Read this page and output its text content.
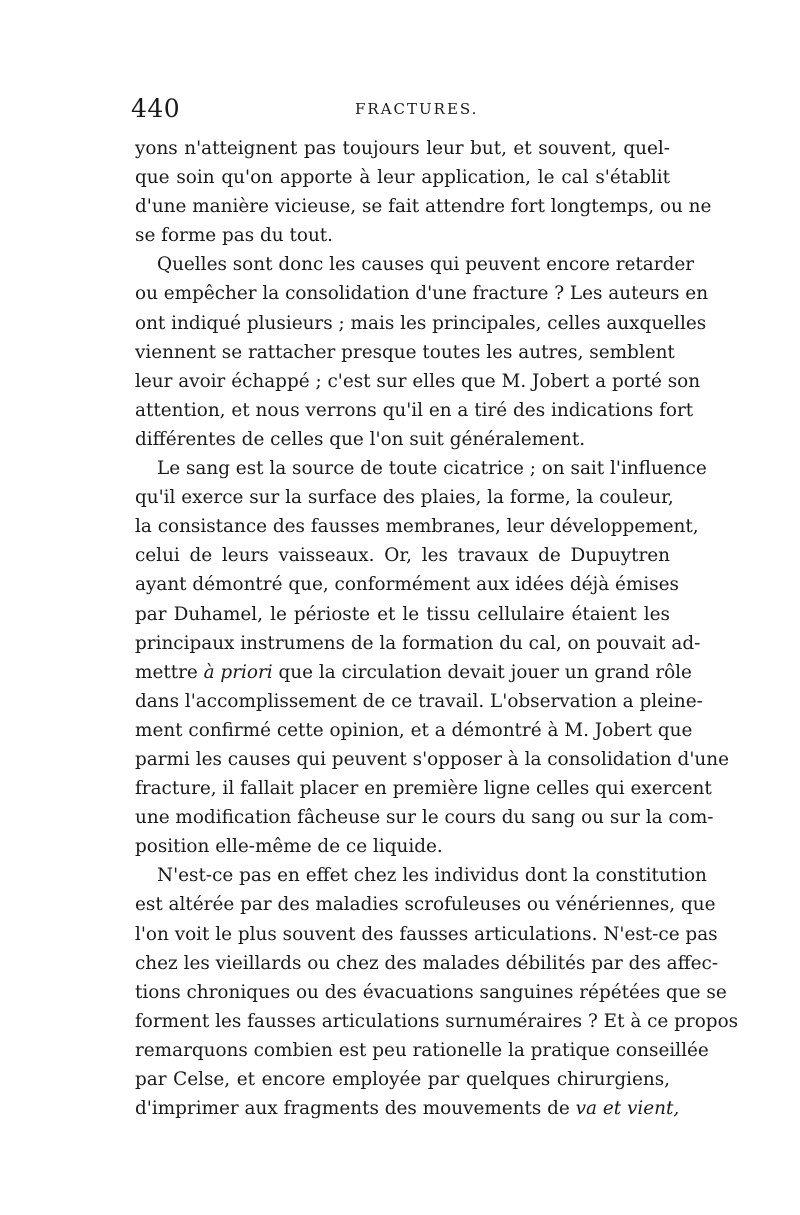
440	FRACTURES.
yons n'atteignent pas toujours leur but, et souvent, quel-
que soin qu'on apporte à leur application, le cal s'établit
d'une manière vicieuse, se fait attendre fort longtemps, ou ne
se forme pas du tout.
Quelles sont donc les causes qui peuvent encore retarder
ou empêcher la consolidation d'une fracture ? Les auteurs en
ont indiqué plusieurs ; mais les principales, celles auxquelles
viennent se rattacher presque toutes les autres, semblent
leur avoir échappé ; c'est sur elles que M. Jobert a porté son
attention, et nous verrons qu'il en a tiré des indications fort
différentes de celles que l'on suit généralement.
Le sang est la source de toute cicatrice ; on sait l'influence
qu'il exerce sur la surface des plaies, la forme, la couleur,
la consistance des fausses membranes, leur développement,
celui de leurs vaisseaux. Or, les travaux de Dupuytren
ayant démontré que, conformément aux idées déjà émises
par Duhamel, le périoste et le tissu cellulaire étaient les
principaux instrumens de la formation du cal, on pouvait ad-
mettre à priori que la circulation devait jouer un grand rôle
dans l'accomplissement de ce travail. L'observation a pleine-
ment confirmé cette opinion, et a démontré à M. Jobert que
parmi les causes qui peuvent s'opposer à la consolidation d'une
fracture, il fallait placer en première ligne celles qui exercent
une modification fâcheuse sur le cours du sang ou sur la com-
position elle-même de ce liquide.
N'est-ce pas en effet chez les individus dont la constitution
est altérée par des maladies scrofuleuses ou vénériennes, que
l'on voit le plus souvent des fausses articulations. N'est-ce pas
chez les vieillards ou chez des malades débilités par des affec-
tions chroniques ou des évacuations sanguines répétées que se
forment les fausses articulations surnuméraires ? Et à ce propos
remarquons combien est peu rationelle la pratique conseillée
par Celse, et encore employée par quelques chirurgiens,
d'imprimer aux fragments des mouvements de va et vient,
